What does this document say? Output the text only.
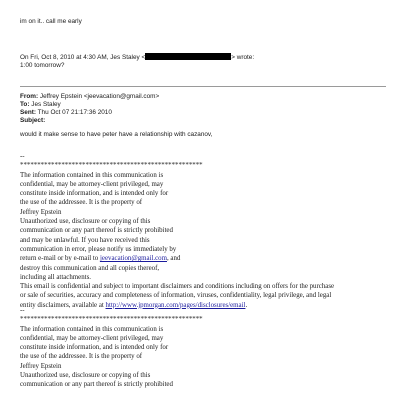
im on it.. call me early
On Fri, Oct 8, 2010 at 4:30 AM, Jes Staley <	> wrote:
1:00 tomorrow?
From: Jeffrey Epstein <jeevacation@gmail.com>
To: Jes Staley
Sent: Thu Oct 07 21:17:36 2010
Subject:
would it make sense to have peter have a relationship with cazanov,
--
*****************************************************
The information contained in this communication is
confidential, may be attorney-client privileged, may
constitute inside information, and is intended only for
the use of the addressee. It is the property of
Jeffrey Epstein
Unauthorized use, disclosure or copying of this
communication or any part thereof is strictly prohibited
and may be unlawful. If you have received this
communication in error, please notify us immediately by
return e-mail or by e-mail to jeevacation@gmail.com, and
destroy this communication and all copies thereof,
including all attachments.
This email is confidential and subject to important disclaimers and conditions including on offers for the purchase
or sale of securities, accuracy and completeness of information, viruses, confidentiality, legal privilege, and legal
entity disclaimers, available at http://www.jpmorgan.com/pages/disclosures/email.
--
*****************************************************
The information contained in this communication is
confidential, may be attorney-client privileged, may
constitute inside information, and is intended only for
the use of the addressee. It is the property of
Jeffrey Epstein
Unauthorized use, disclosure or copying of this
communication or any part thereof is strictly prohibited
